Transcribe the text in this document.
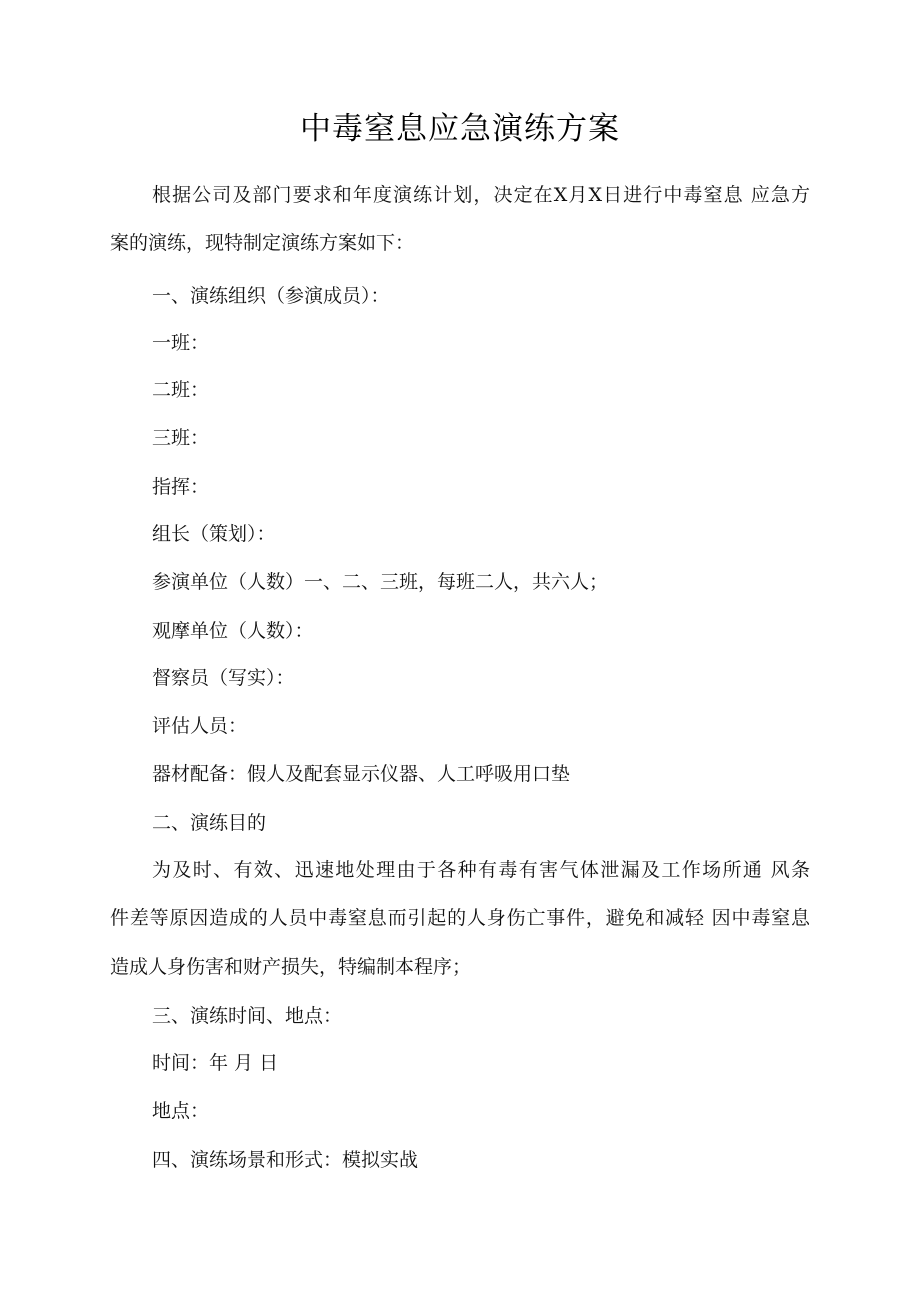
中毒窒息应急演练方案

根据公司及部门要求和年度演练计划，决定在X月X日进行中毒窒息 应急方

案的演练，现特制定演练方案如下：

一、演练组织（参演成员）：

一班：

二班：

三班：

指挥：

组长（策划）：

参演单位（人数）一、二、三班，每班二人，共六人；

观摩单位（人数）：

督察员（写实）：

评估人员：

器材配备：假人及配套显示仪器、人工呼吸用口垫

二、演练目的

为及时、有效、迅速地处理由于各种有毒有害气体泄漏及工作场所通 风条

件差等原因造成的人员中毒窒息而引起的人身伤亡事件，避免和减轻 因中毒窒息

造成人身伤害和财产损失，特编制本程序；

三、演练时间、地点：

时间：年 月 日

地点：

四、演练场景和形式：模拟实战
